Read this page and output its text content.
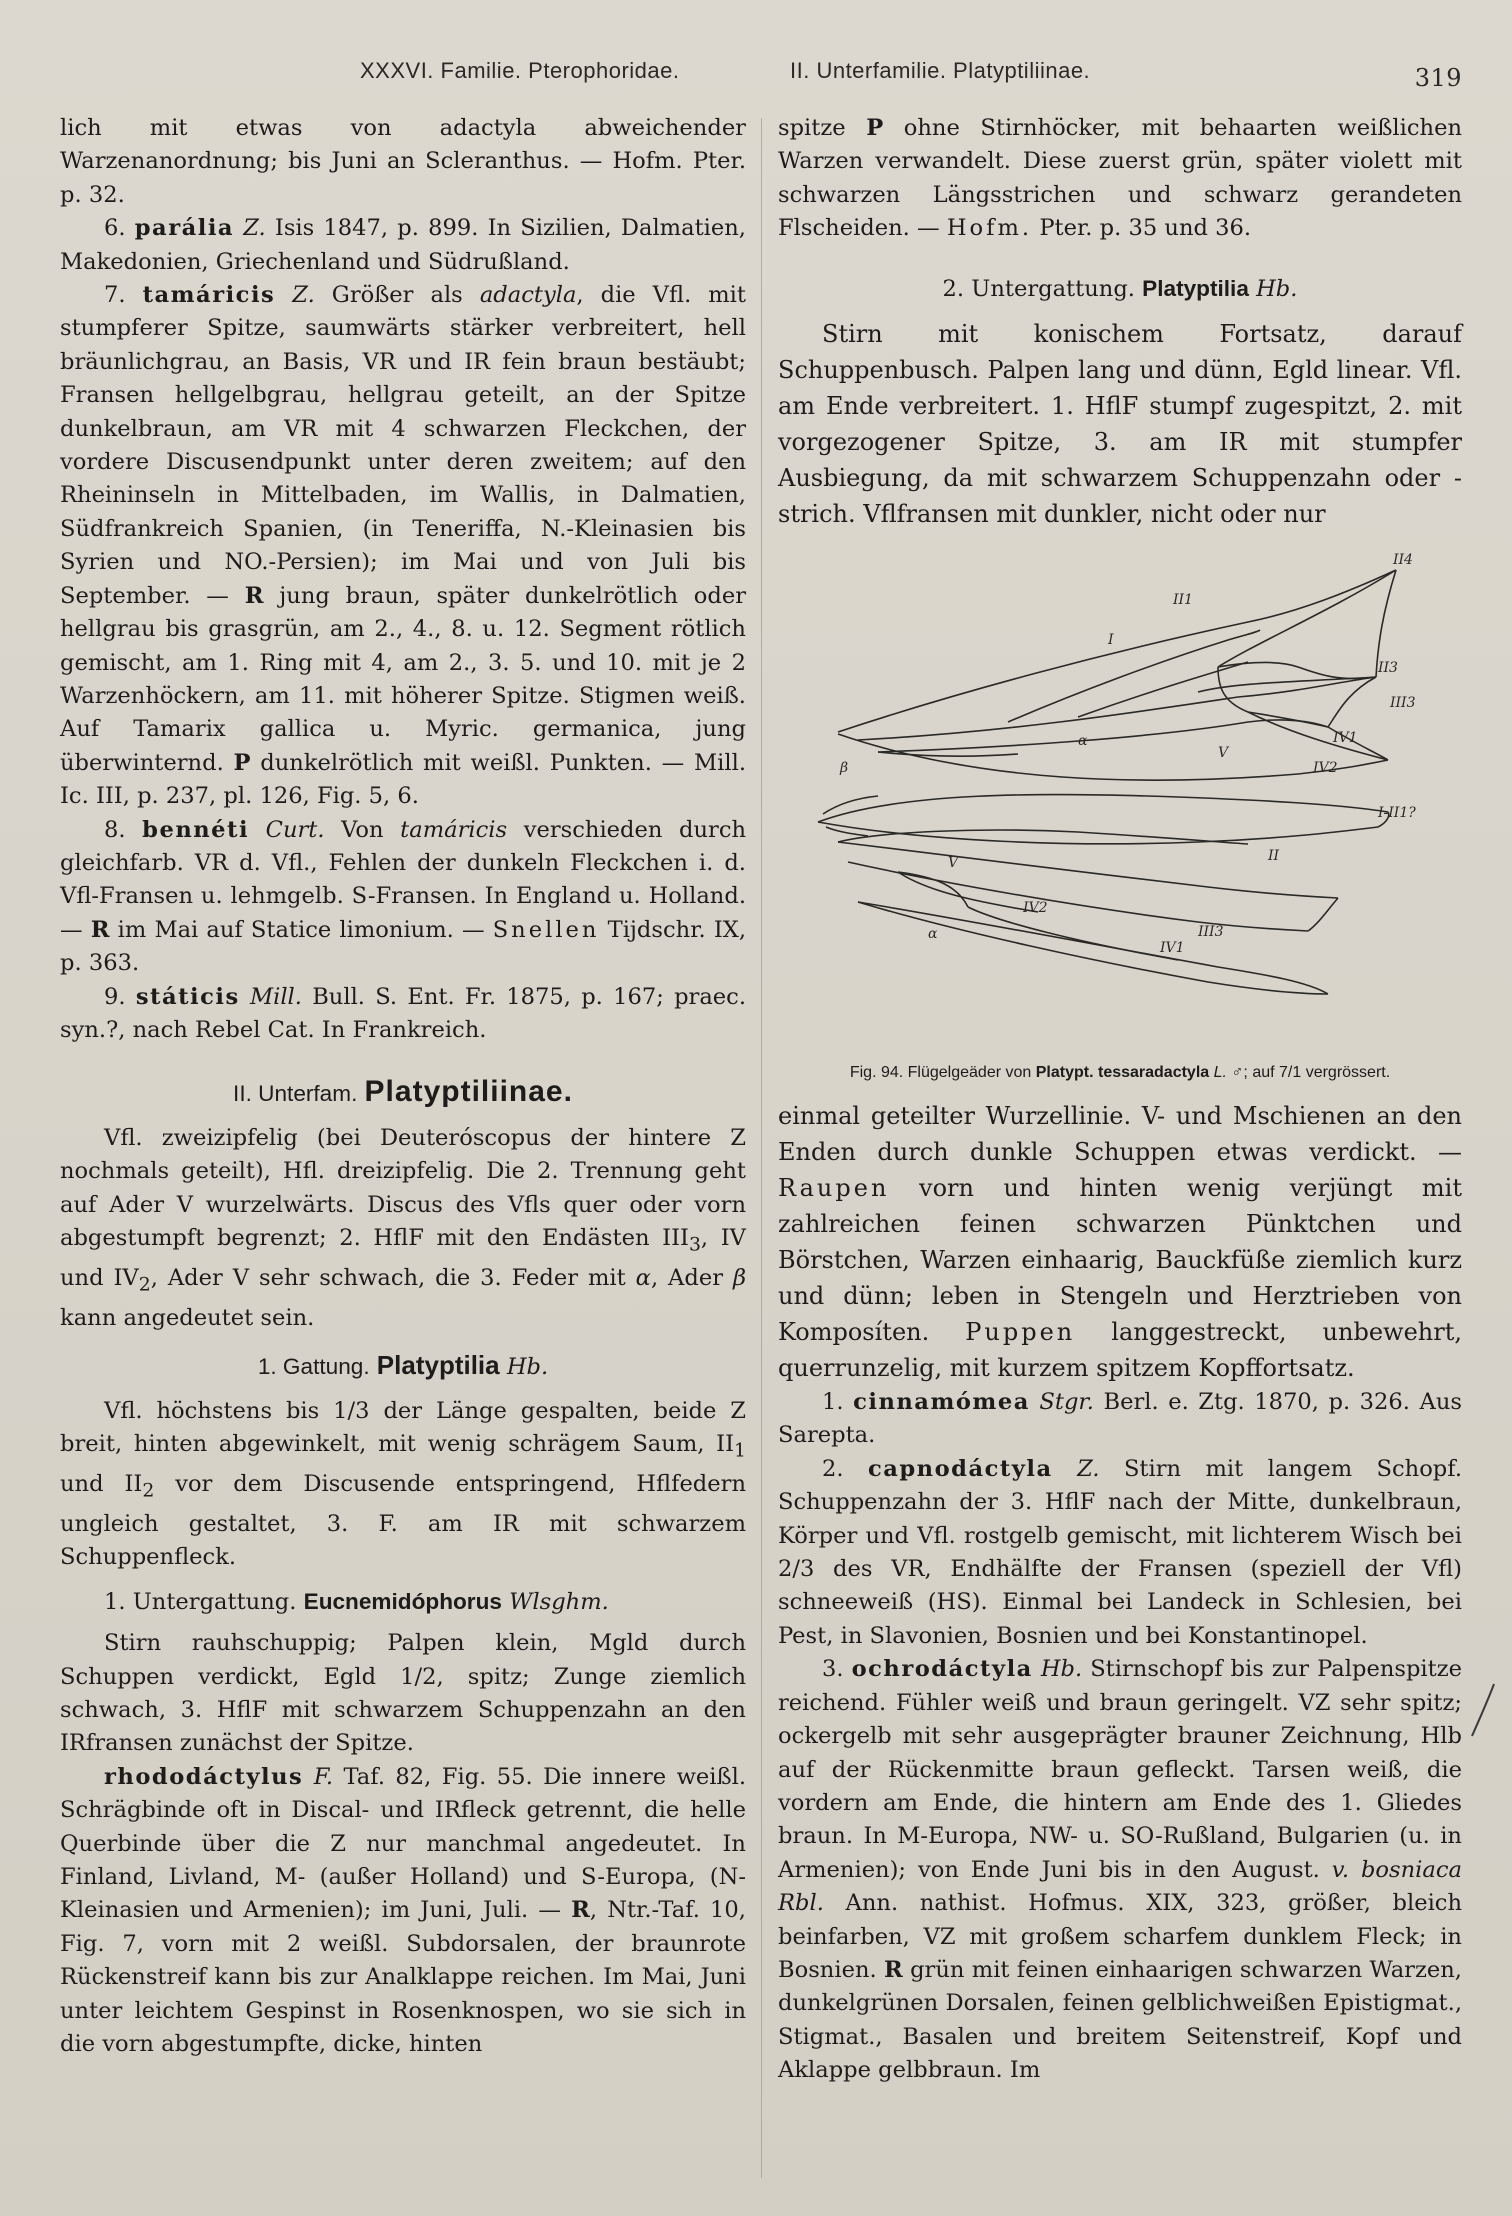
XXXVI. Familie. Pterophoridae.	II. Unterfamilie. Platyptiliinae.	319

lich mit etwas von adactyla abweichender Warzenanordnung; bis Juni an Scleranthus. — Hofm. Pter. p. 32.

6. parália Z. Isis 1847, p. 899. In Sizilien, Dalmatien, Makedonien, Griechenland und Südrußland.

7. tamáricis Z. Größer als adactyla, die Vfl. mit stumpferer Spitze, saumwärts stärker verbreitert, hell bräunlichgrau, an Basis, VR und IR fein braun bestäubt; Fransen hellgelbgrau, hellgrau geteilt, an der Spitze dunkelbraun, am VR mit 4 schwarzen Fleckchen, der vordere Discusendpunkt unter deren zweitem; auf den Rheininseln in Mittelbaden, im Wallis, in Dalmatien, Südfrankreich Spanien, (in Teneriffa, N.-Kleinasien bis Syrien und NO.-Persien); im Mai und von Juli bis September. — R jung braun, später dunkelrötlich oder hellgrau bis grasgrün, am 2., 4., 8. u. 12. Segment rötlich gemischt, am 1. Ring mit 4, am 2., 3. 5. und 10. mit je 2 Warzenhöckern, am 11. mit höherer Spitze. Stigmen weiß. Auf Tamarix gallica u. Myric. germanica, jung überwinternd. P dunkelrötlich mit weißl. Punkten. — Mill. Ic. III, p. 237, pl. 126, Fig. 5, 6.

8. bennéti Curt. Von tamáricis verschieden durch gleichfarb. VR d. Vfl., Fehlen der dunkeln Fleckchen i. d. Vfl-Fransen u. lehmgelb. S-Fransen. In England u. Holland. — R im Mai auf Statice limonium. — Snellen Tijdschr. IX, p. 363.

9. státicis Mill. Bull. S. Ent. Fr. 1875, p. 167; praec. syn.?, nach Rebel Cat. In Frankreich.

II. Unterfam. Platyptiliinae.

Vfl. zweizipfelig (bei Deuteróscopus der hintere Z nochmals geteilt), Hfl. dreizipfelig. Die 2. Trennung geht auf Ader V wurzelwärts. Discus des Vfls quer oder vorn abgestumpft begrenzt; 2. HflF mit den Endästen $III_3$, IV und $IV_2$, Ader V sehr schwach, die 3. Feder mit α, Ader β kann angedeutet sein.

1. Gattung. Platyptilia Hb.

Vfl. höchstens bis 1/3 der Länge gespalten, beide Z breit, hinten abgewinkelt, mit wenig schrägem Saum, $II_1$ und $II_2$ vor dem Discusende entspringend, Hflfedern ungleich gestaltet, 3. F. am IR mit schwarzem Schuppenfleck.

1. Untergattung. Eucnemidóphorus Wlsghm.

Stirn rauhschuppig; Palpen klein, Mgld durch Schuppen verdickt, Egld 1/2, spitz; Zunge ziemlich schwach, 3. HflF mit schwarzem Schuppenzahn an den IRfransen zunächst der Spitze.

rhododáctylus F. Taf. 82, Fig. 55. Die innere weißl. Schrägbinde oft in Discal- und IRfleck getrennt, die helle Querbinde über die Z nur manchmal angedeutet. In Finland, Livland, M- (außer Holland) und S-Europa, (N-Kleinasien und Armenien); im Juni, Juli. — R, Ntr.-Taf. 10, Fig. 7, vorn mit 2 weißl. Subdorsalen, der braunrote Rückenstreif kann bis zur Analklappe reichen. Im Mai, Juni unter leichtem Gespinst in Rosenknospen, wo sie sich in die vorn abgestumpfte, dicke, hinten

spitze P ohne Stirnhöcker, mit behaarten weißlichen Warzen verwandelt. Diese zuerst grün, später violett mit schwarzen Längsstrichen und schwarz gerandeten Flscheiden. — Hofm. Pter. p. 35 und 36.

2. Untergattung. Platyptilia Hb.

Stirn mit konischem Fortsatz, darauf Schuppenbusch. Palpen lang und dünn, Egld linear. Vfl. am Ende verbreitert. 1. HflF stumpf zugespitzt, 2. mit vorgezogener Spitze, 3. am IR mit stumpfer Ausbiegung, da mit schwarzem Schuppenzahn oder -strich. Vflfransen mit dunkler, nicht oder nur

II1
II4
I
II3
III3
IV1
IV2
V
α
β
I-II1?
II
V
IV2
III3
IV1
α

Fig. 94. Flügelgeäder von Platypt. tessaradactyla L. ♂; auf 7/1 vergrössert.

einmal geteilter Wurzellinie. V- und Mschienen an den Enden durch dunkle Schuppen etwas verdickt. — Raupen vorn und hinten wenig verjüngt mit zahlreichen feinen schwarzen Pünktchen und Börstchen, Warzen einhaarig, Bauckfüße ziemlich kurz und dünn; leben in Stengeln und Herztrieben von Komposíten. Puppen langgestreckt, unbewehrt, querrunzelig, mit kurzem spitzem Kopffortsatz.

1. cinnamómea Stgr. Berl. e. Ztg. 1870, p. 326. Aus Sarepta.

2. capnodáctyla Z. Stirn mit langem Schopf. Schuppenzahn der 3. HflF nach der Mitte, dunkelbraun, Körper und Vfl. rostgelb gemischt, mit lichterem Wisch bei 2/3 des VR, Endhälfte der Fransen (speziell der Vfl) schneeweiß (HS). Einmal bei Landeck in Schlesien, bei Pest, in Slavonien, Bosnien und bei Konstantinopel.

3. ochrodáctyla Hb. Stirnschopf bis zur Palpenspitze reichend. Fühler weiß und braun geringelt. VZ sehr spitz; ockergelb mit sehr ausgeprägter brauner Zeichnung, Hlb auf der Rückenmitte braun gefleckt. Tarsen weiß, die vordern am Ende, die hintern am Ende des 1. Gliedes braun. In M-Europa, NW- u. SO-Rußland, Bulgarien (u. in Armenien); von Ende Juni bis in den August. v. bosniaca Rbl. Ann. nathist. Hofmus. XIX, 323, größer, bleich beinfarben, VZ mit großem scharfem dunklem Fleck; in Bosnien. R grün mit feinen einhaarigen schwarzen Warzen, dunkelgrünen Dorsalen, feinen gelblichweißen Epistigmat., Stigmat., Basalen und breitem Seitenstreif, Kopf und Aklappe gelbbraun. Im
